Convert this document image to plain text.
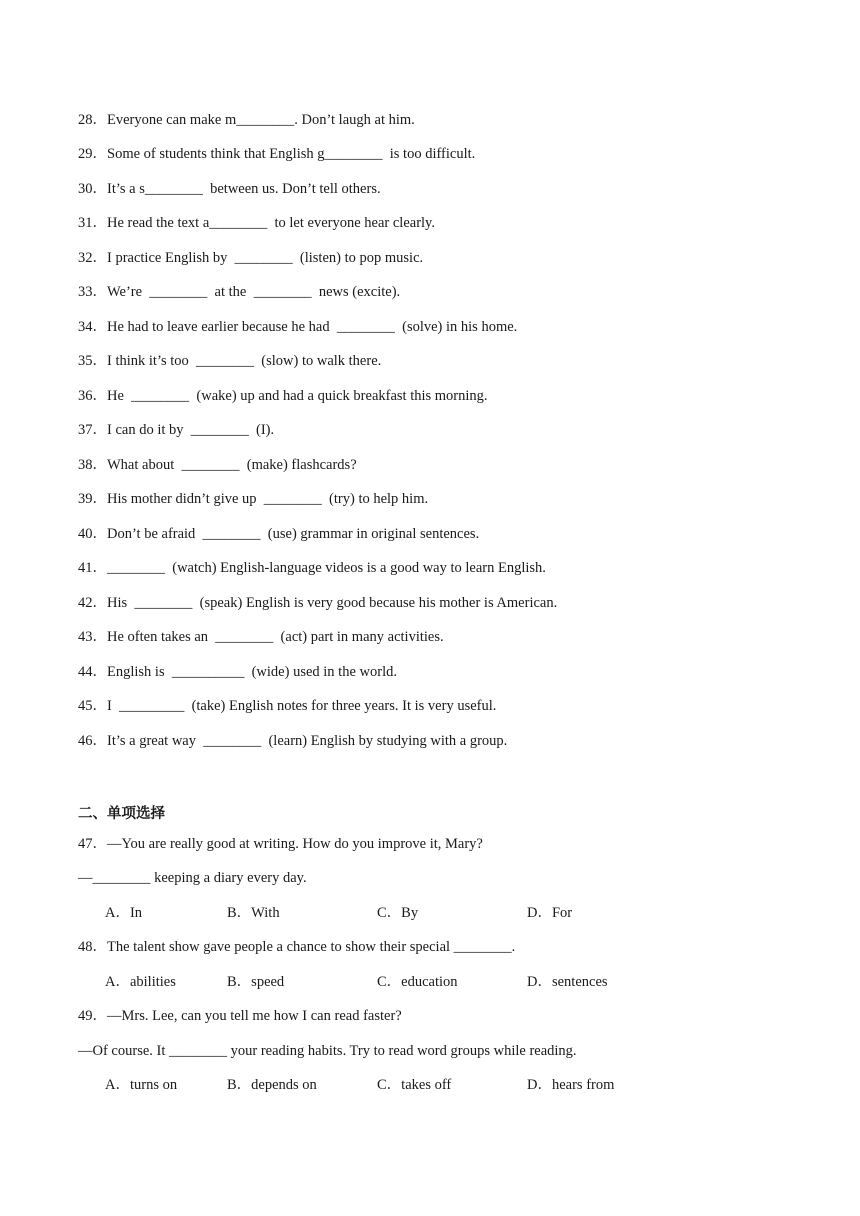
28．Everyone can make m________. Don’t laugh at him.
29．Some of students think that English g________  is too difficult.
30．It’s a s________  between us. Don’t tell others.
31．He read the text a________  to let everyone hear clearly.
32．I practice English by  ________  (listen) to pop music.
33．We’re  ________  at the  ________  news (excite).
34．He had to leave earlier because he had  ________  (solve) in his home.
35．I think it’s too  ________  (slow) to walk there.
36．He  ________  (wake) up and had a quick breakfast this morning.
37．I can do it by  ________  (I).
38．What about  ________  (make) flashcards?
39．His mother didn’t give up  ________  (try) to help him.
40．Don’t be afraid  ________  (use) grammar in original sentences.
41．________  (watch) English-language videos is a good way to learn English.
42．His  ________  (speak) English is very good because his mother is American.
43．He often takes an  ________  (act) part in many activities.
44．English is  __________  (wide) used in the world.
45．I  _________  (take) English notes for three years. It is very useful.
46．It’s a great way  ________  (learn) English by studying with a group.
二、单项选择
47．—You are really good at writing. How do you improve it, Mary?
—________ keeping a diary every day.
A．In	B．With	C．By	D．For
48．The talent show gave people a chance to show their special ________.
A．abilities	B．speed	C．education	D．sentences
49．—Mrs. Lee, can you tell me how I can read faster?
—Of course. It ________ your reading habits. Try to read word groups while reading.
A．turns on	B．depends on	C．takes off	D．hears from
